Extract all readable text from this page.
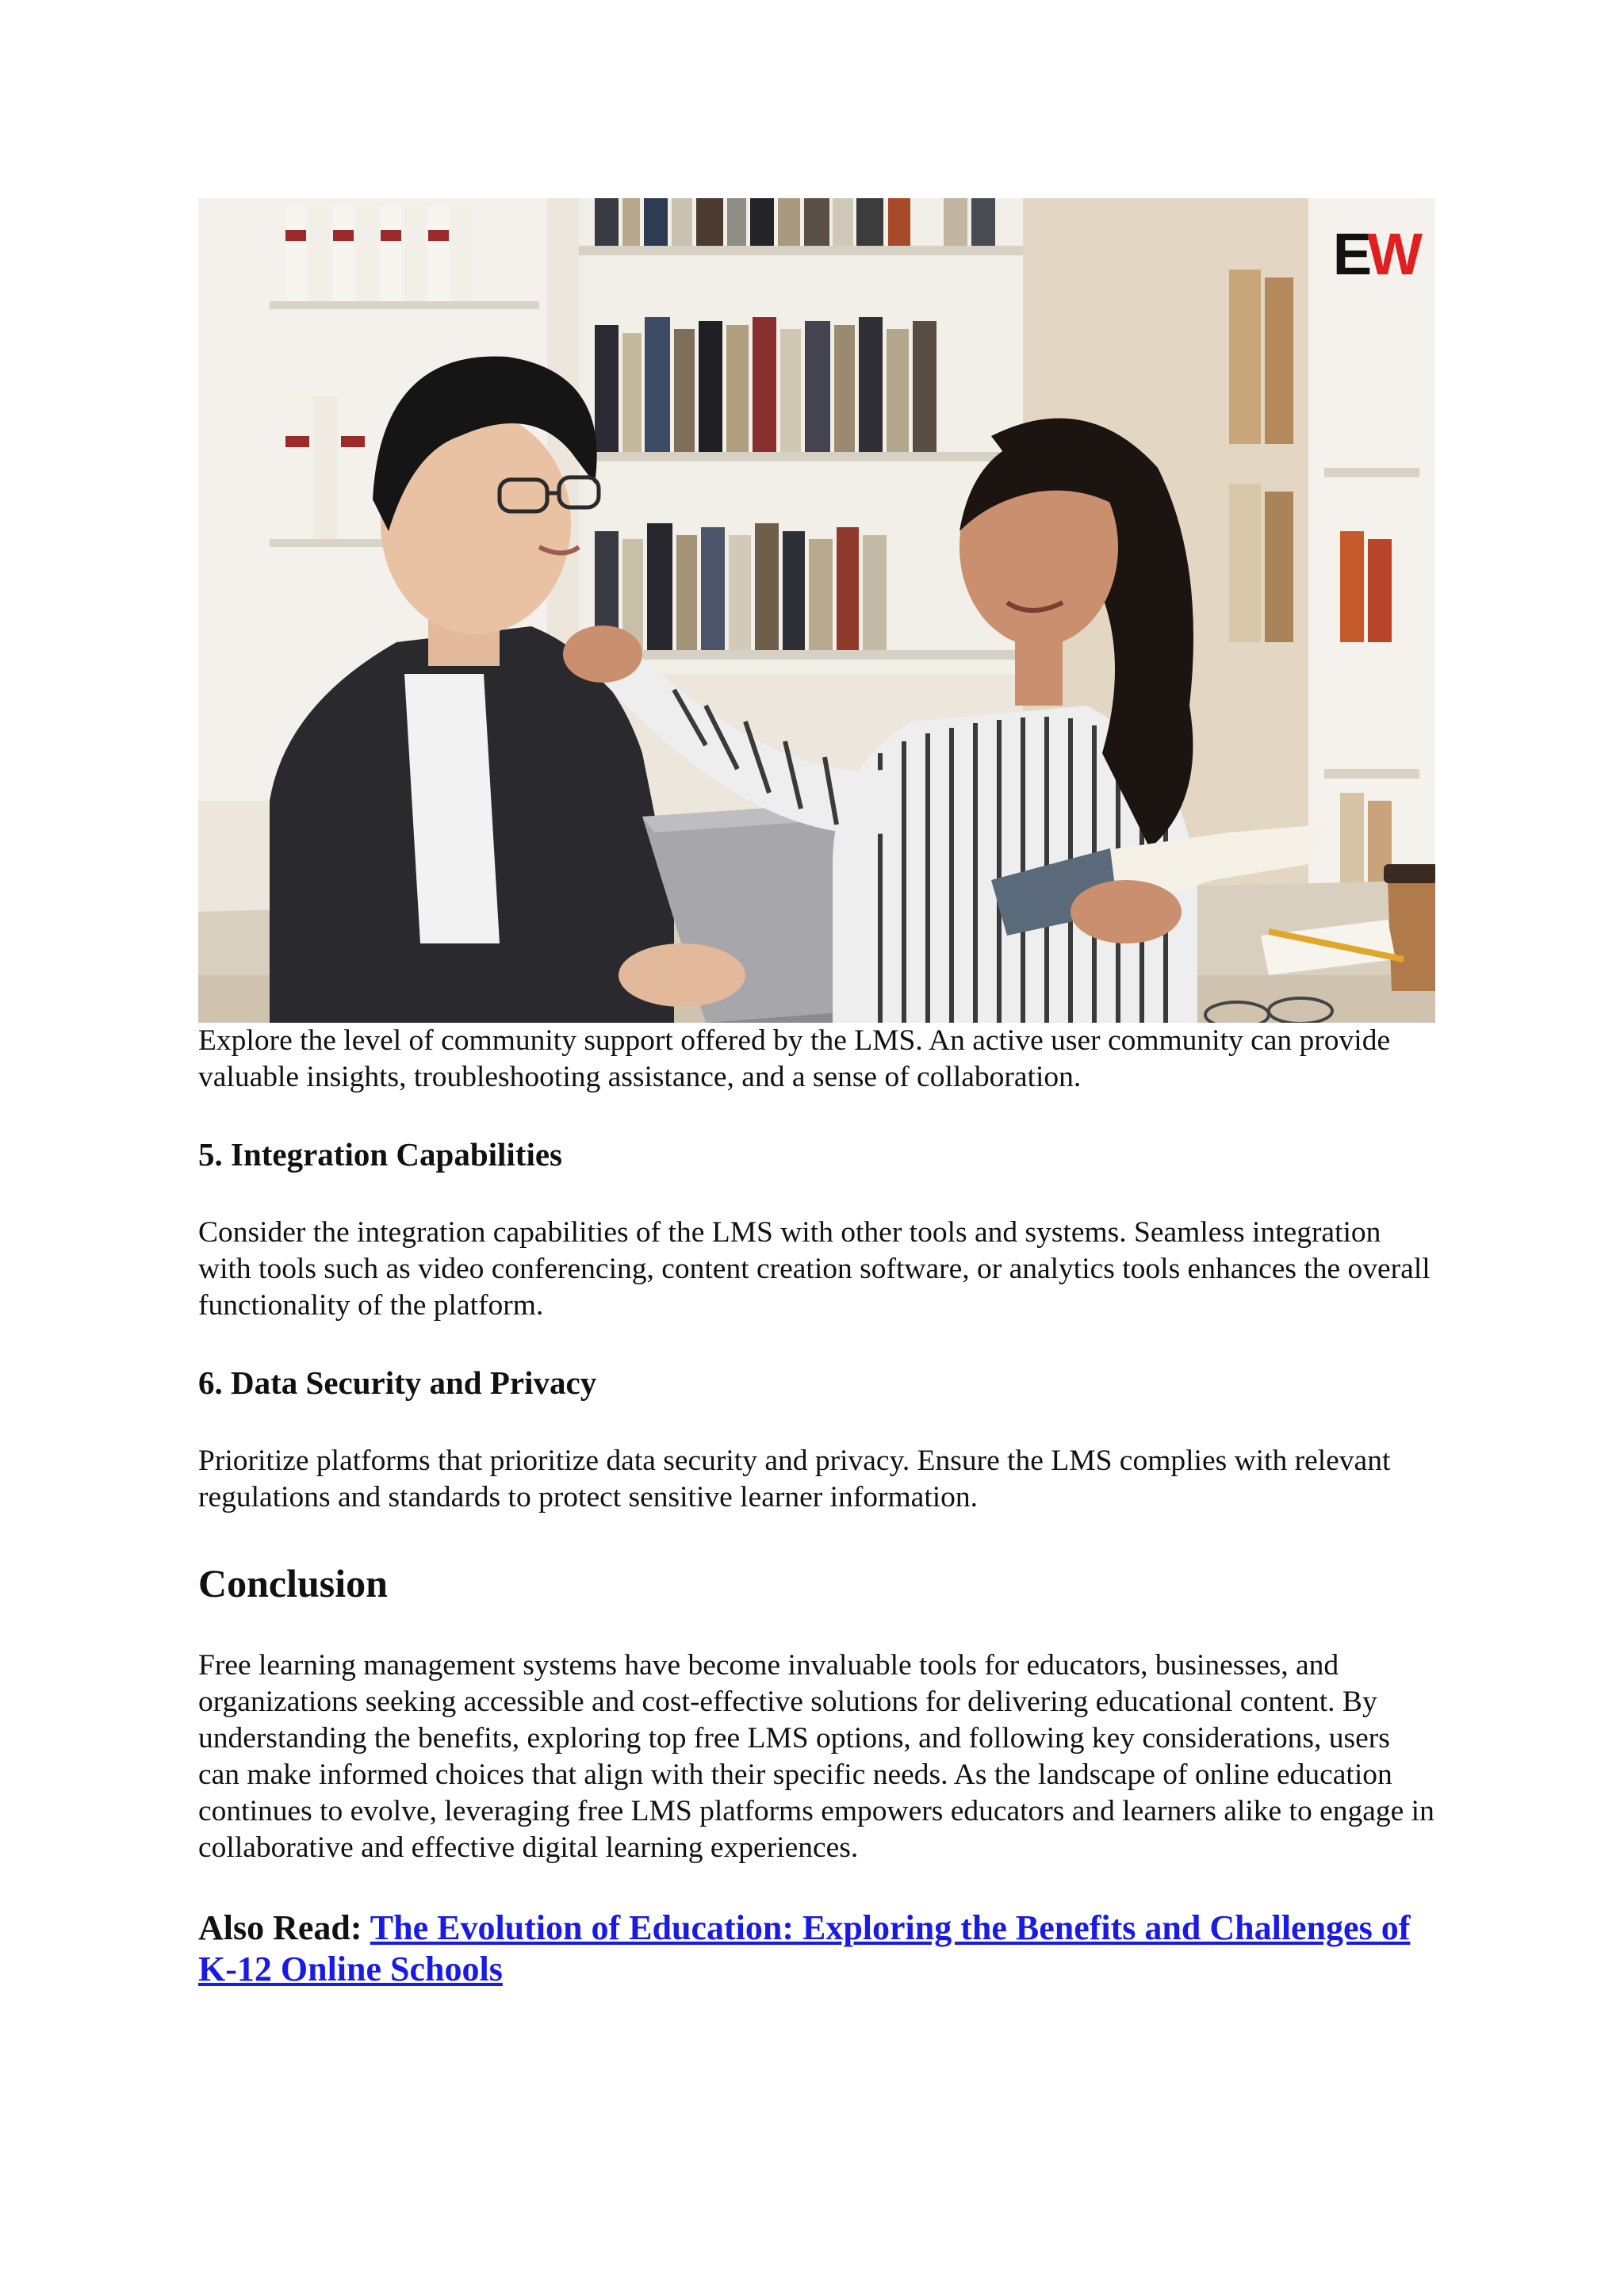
E W

Explore the level of community support offered by the LMS. An active user community can provide valuable insights, troubleshooting assistance, and a sense of collaboration.

5. Integration Capabilities

Consider the integration capabilities of the LMS with other tools and systems. Seamless integration with tools such as video conferencing, content creation software, or analytics tools enhances the overall functionality of the platform.

6. Data Security and Privacy

Prioritize platforms that prioritize data security and privacy. Ensure the LMS complies with relevant regulations and standards to protect sensitive learner information.

Conclusion

Free learning management systems have become invaluable tools for educators, businesses, and organizations seeking accessible and cost-effective solutions for delivering educational content. By understanding the benefits, exploring top free LMS options, and following key considerations, users can make informed choices that align with their specific needs. As the landscape of online education continues to evolve, leveraging free LMS platforms empowers educators and learners alike to engage in collaborative and effective digital learning experiences.

Also Read: The Evolution of Education: Exploring the Benefits and Challenges of K-12 Online Schools
